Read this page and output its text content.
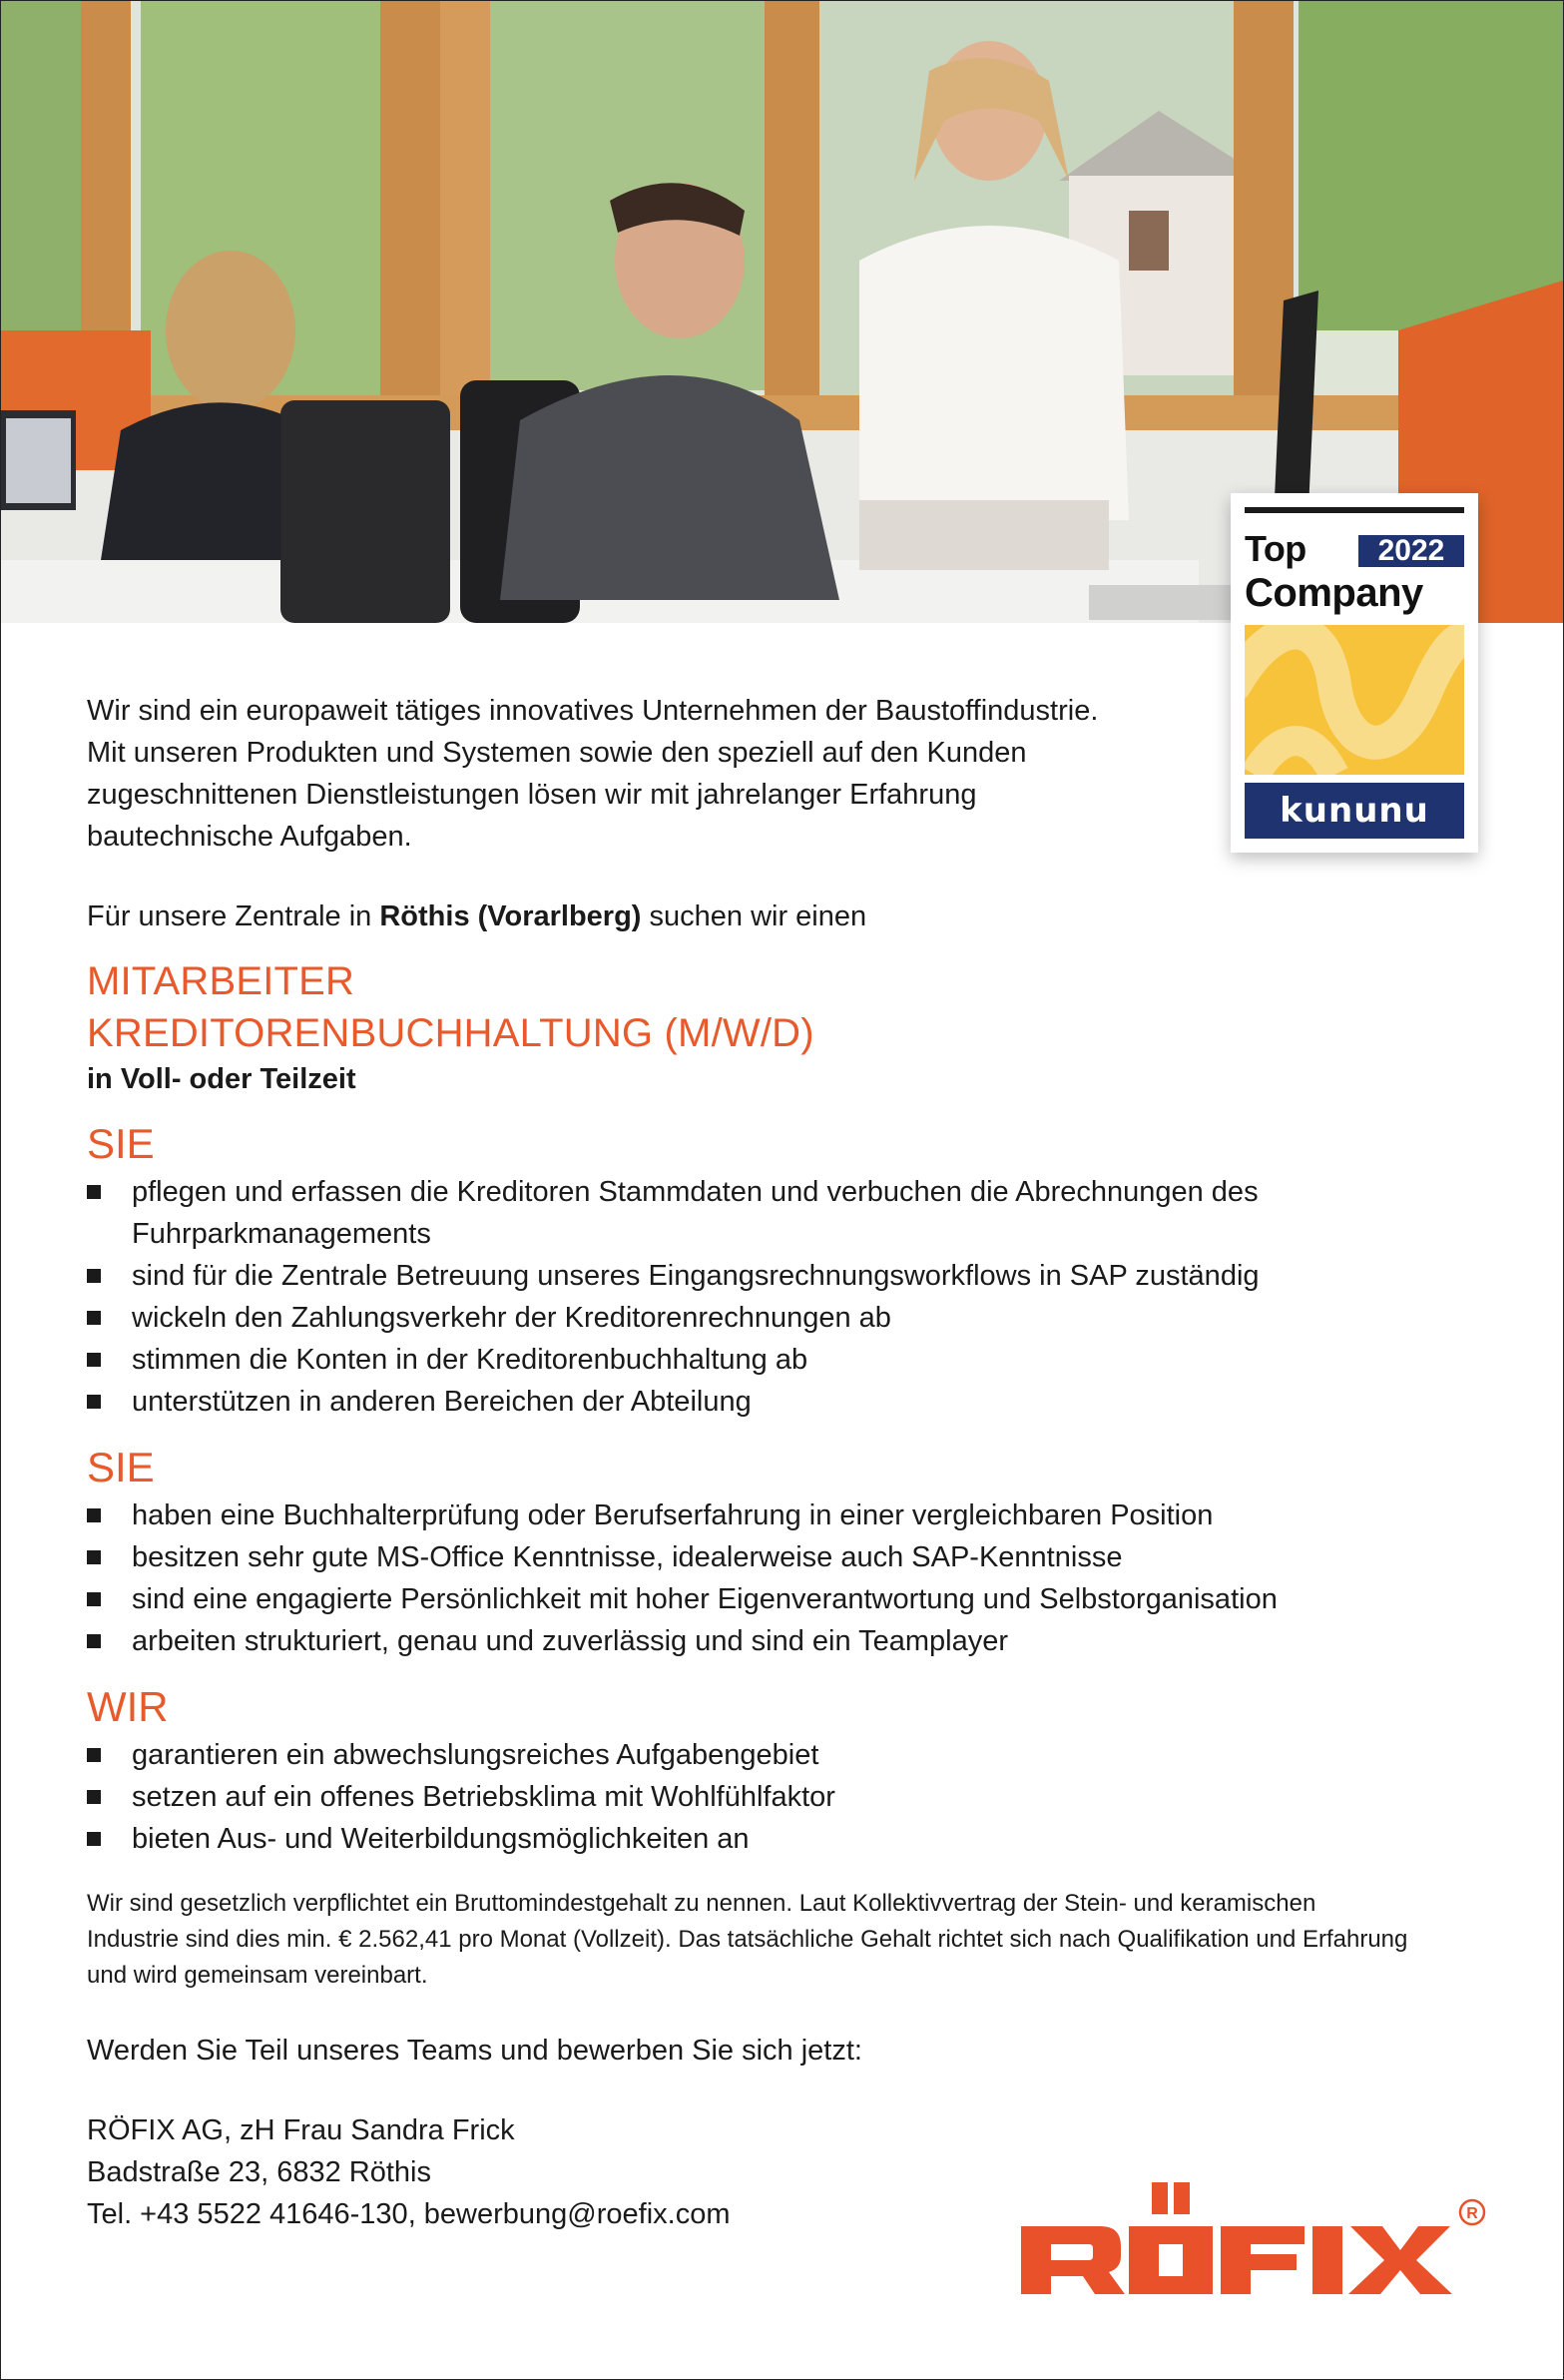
Top	2022
Company
kununu

Wir sind ein europaweit tätiges innovatives Unternehmen der Baustoffindustrie. Mit unseren Produkten und Systemen sowie den speziell auf den Kunden zugeschnittenen Dienstleistungen lösen wir mit jahrelanger Erfahrung bautechnische Aufgaben.

Für unsere Zentrale in Röthis (Vorarlberg) suchen wir einen

MITARBEITER
KREDITORENBUCHHALTUNG (M/W/D)

in Voll- oder Teilzeit

SIE
pflegen und erfassen die Kreditoren Stammdaten und verbuchen die Abrechnungen des Fuhrparkmanagements
sind für die Zentrale Betreuung unseres Eingangsrechnungsworkflows in SAP zuständig
wickeln den Zahlungsverkehr der Kreditorenrechnungen ab
stimmen die Konten in der Kreditorenbuchhaltung ab
unterstützen in anderen Bereichen der Abteilung
SIE
haben eine Buchhalterprüfung oder Berufserfahrung in einer vergleichbaren Position
besitzen sehr gute MS-Office Kenntnisse, idealerweise auch SAP-Kenntnisse
sind eine engagierte Persönlichkeit mit hoher Eigenverantwortung und Selbstorganisation
arbeiten strukturiert, genau und zuverlässig und sind ein Teamplayer
WIR
garantieren ein abwechslungsreiches Aufgabengebiet
setzen auf ein offenes Betriebsklima mit Wohlfühlfaktor
bieten Aus- und Weiterbildungsmöglichkeiten an

Wir sind gesetzlich verpflichtet ein Bruttomindestgehalt zu nennen. Laut Kollektivvertrag der Stein- und keramischen Industrie sind dies min. € 2.562,41 pro Monat (Vollzeit). Das tatsächliche Gehalt richtet sich nach Qualifikation und Erfahrung und wird gemeinsam vereinbart.

Werden Sie Teil unseres Teams und bewerben Sie sich jetzt:

RÖFIX AG, zH Frau Sandra Frick
Badstraße 23, 6832 Röthis
Tel. +43 5522 41646-130, bewerbung@roefix.com	R
